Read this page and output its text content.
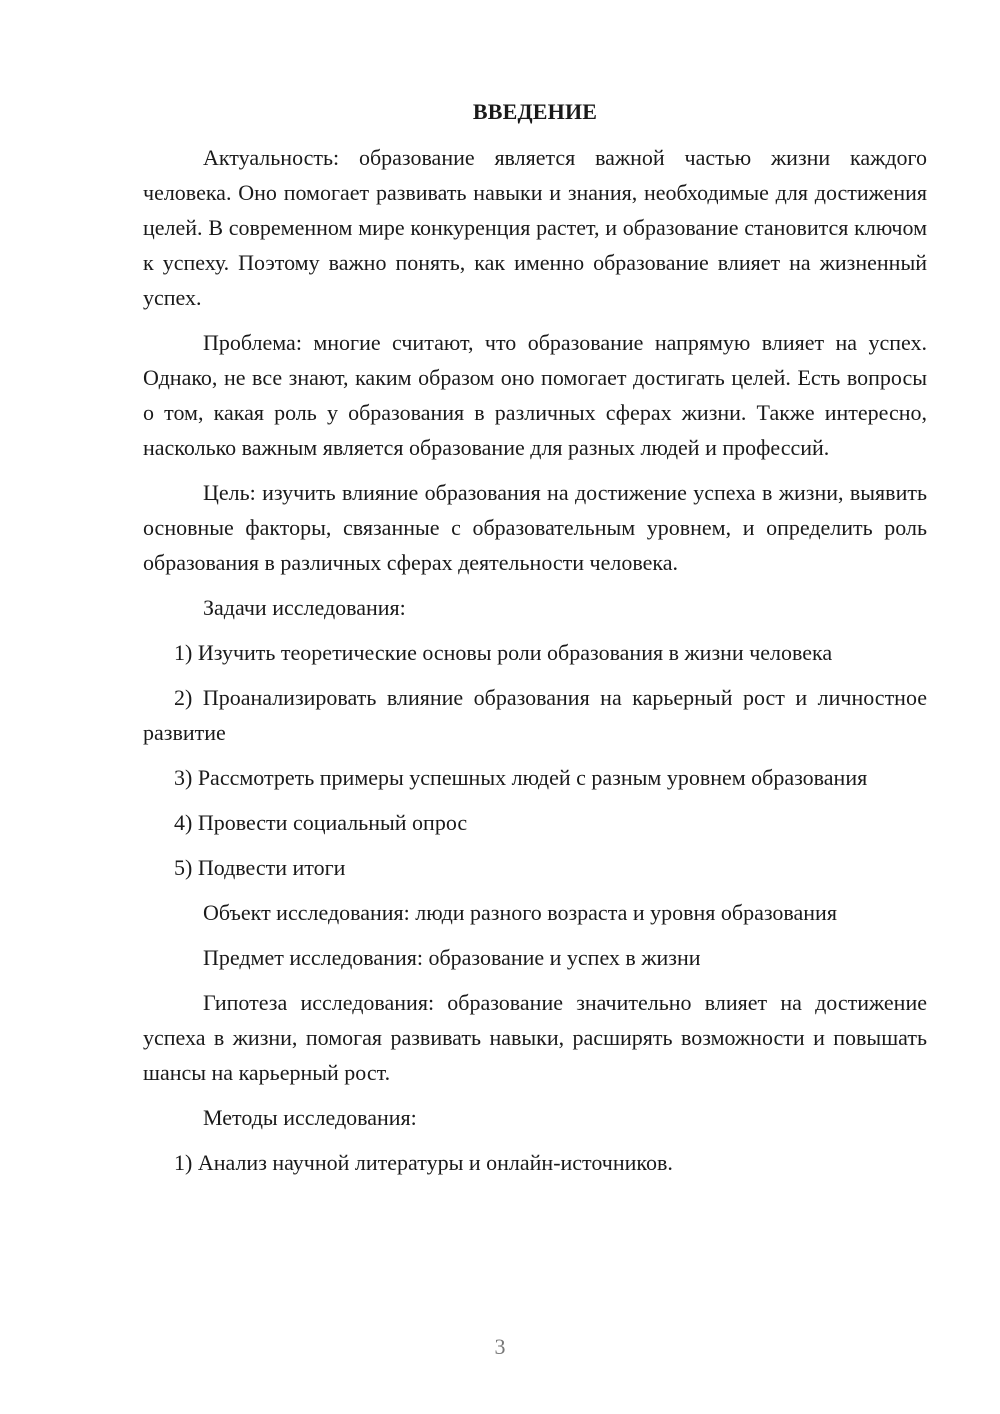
ВВЕДЕНИЕ

Актуальность: образование является важной частью жизни каждого человека. Оно помогает развивать навыки и знания, необходимые для достижения целей. В современном мире конкуренция растет, и образование становится ключом к успеху. Поэтому важно понять, как именно образование влияет на жизненный успех.

Проблема: многие считают, что образование напрямую влияет на успех. Однако, не все знают, каким образом оно помогает достигать целей. Есть вопросы о том, какая роль у образования в различных сферах жизни. Также интересно, насколько важным является образование для разных людей и профессий.

Цель: изучить влияние образования на достижение успеха в жизни, выявить основные факторы, связанные с образовательным уровнем, и определить роль образования в различных сферах деятельности человека.

Задачи исследования:

1) Изучить теоретические основы роли образования в жизни человека

2) Проанализировать влияние образования на карьерный рост и личностное развитие

3) Рассмотреть примеры успешных людей с разным уровнем образования

4) Провести социальный опрос

5) Подвести итоги

Объект исследования: люди разного возраста и уровня образования

Предмет исследования: образование и успех в жизни

Гипотеза исследования: образование значительно влияет на достижение успеха в жизни, помогая развивать навыки, расширять возможности и повышать шансы на карьерный рост.

Методы исследования:

1) Анализ научной литературы и онлайн-источников.

3
